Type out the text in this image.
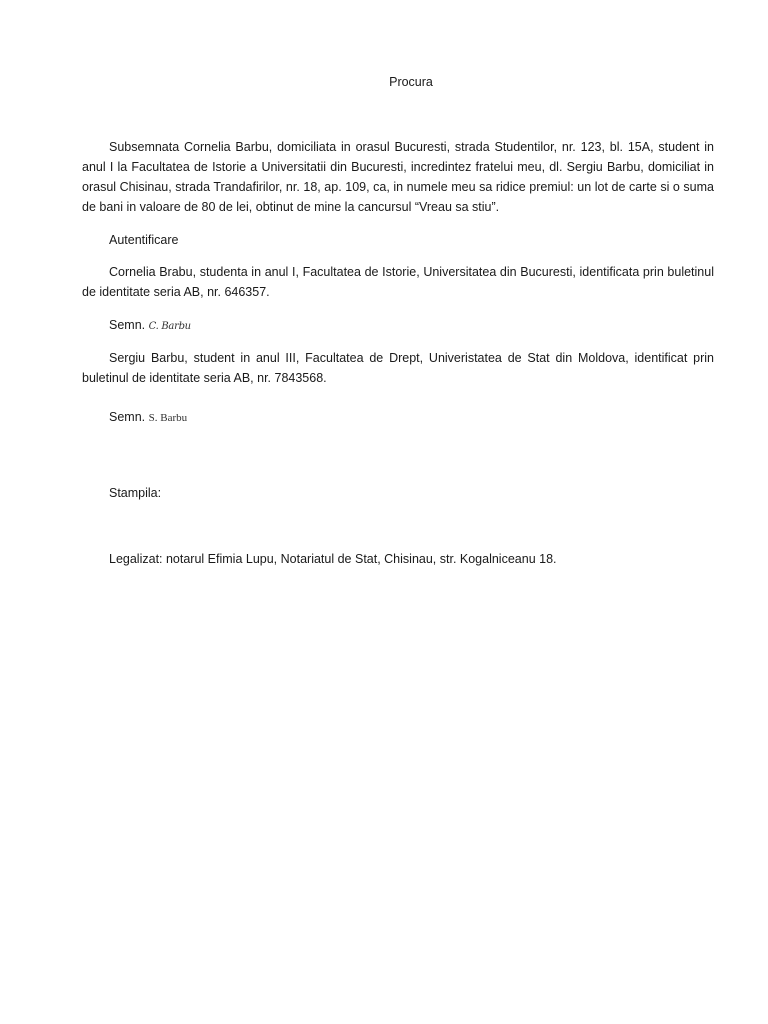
Procura
Subsemnata Cornelia Barbu, domiciliata in orasul Bucuresti, strada Studentilor, nr. 123, bl. 15A, student in anul I la Facultatea de Istorie a Universitatii din Bucuresti, incredintez fratelui meu, dl. Sergiu Barbu, domiciliat in orasul Chisinau, strada Trandafirilor, nr. 18, ap. 109, ca, in numele meu sa ridice premiul: un lot de carte si o suma de bani in valoare de 80 de lei, obtinut de mine la cancursul “Vreau sa stiu”.
Autentificare
Cornelia Brabu, studenta in anul I, Facultatea de Istorie, Universitatea din Bucuresti, identificata prin buletinul de identitate seria AB, nr. 646357.
Semn. C. Barbu
Sergiu Barbu, student in anul III, Facultatea de Drept, Univeristatea de Stat din Moldova, identificat prin buletinul de identitate seria AB, nr. 7843568.
Semn. S. Barbu
Stampila:
Legalizat: notarul Efimia Lupu, Notariatul de Stat, Chisinau, str. Kogalniceanu 18.
